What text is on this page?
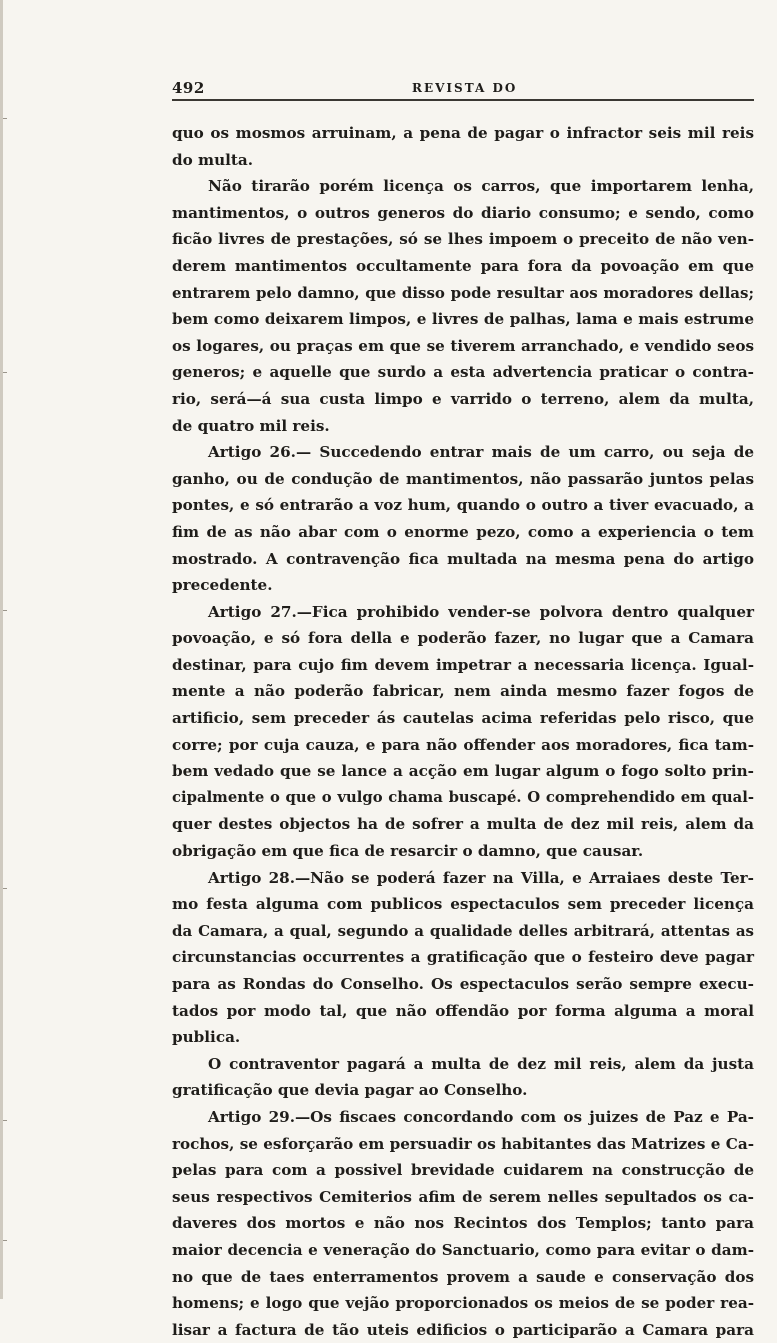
492	REVISTA DO
quo os mosmos arruinam, a pena de pagar o infractor seis mil reis
do multa.
Não tirarão porém licença os carros, que importarem lenha,
mantimentos, o outros generos do diario consumo; e sendo, como
ficão livres de prestações, só se lhes impoem o preceito de não ven-
derem mantimentos occultamente para fora da povoação em que
entrarem pelo damno, que disso pode resultar aos moradores dellas;
bem como deixarem limpos, e livres de palhas, lama e mais estrume
os logares, ou praças em que se tiverem arranchado, e vendido seos
generos; e aquelle que surdo a esta advertencia praticar o contra-
rio, será—á sua custa limpo e varrido o terreno, alem da multa,
de quatro mil reis.
Artigo 26.— Succedendo entrar mais de um carro, ou seja de
ganho, ou de condução de mantimentos, não passarão juntos pelas
pontes, e só entrarão a voz hum, quando o outro a tiver evacuado, a
fim de as não abar com o enorme pezo, como a experiencia o tem
mostrado. A contravenção fica multada na mesma pena do artigo
precedente.
Artigo 27.—Fica prohibido vender-se polvora dentro qualquer
povoação, e só fora della e poderão fazer, no lugar que a Camara
destinar, para cujo fim devem impetrar a necessaria licença. Igual-
mente a não poderão fabricar, nem ainda mesmo fazer fogos de
artificio, sem preceder ás cautelas acima referidas pelo risco, que
corre; por cuja cauza, e para não offender aos moradores, fica tam-
bem vedado que se lance a acção em lugar algum o fogo solto prin-
cipalmente o que o vulgo chama buscapé. O comprehendido em qual-
quer destes objectos ha de sofrer a multa de dez mil reis, alem da
obrigação em que fica de resarcir o damno, que causar.
Artigo 28.—Não se poderá fazer na Villa, e Arraiaes deste Ter-
mo festa alguma com publicos espectaculos sem preceder licença
da Camara, a qual, segundo a qualidade delles arbitrará, attentas as
circunstancias occurrentes a gratificação que o festeiro deve pagar
para as Rondas do Conselho. Os espectaculos serão sempre execu-
tados por modo tal, que não offendão por forma alguma a moral
publica.
O contraventor pagará a multa de dez mil reis, alem da justa
gratificação que devia pagar ao Conselho.
Artigo 29.—Os fiscaes concordando com os juizes de Paz e Pa-
rochos, se esforçarão em persuadir os habitantes das Matrizes e Ca-
pelas para com a possivel brevidade cuidarem na construcção de
seus respectivos Cemiterios afim de serem nelles sepultados os ca-
daveres dos mortos e não nos Recintos dos Templos; tanto para
maior decencia e veneração do Sanctuario, como para evitar o dam-
no que de taes enterramentos provem a saude e conservação dos
homens; e logo que vejão proporcionados os meios de se poder rea-
lisar a factura de tão uteis edificios o participarão a Camara para
